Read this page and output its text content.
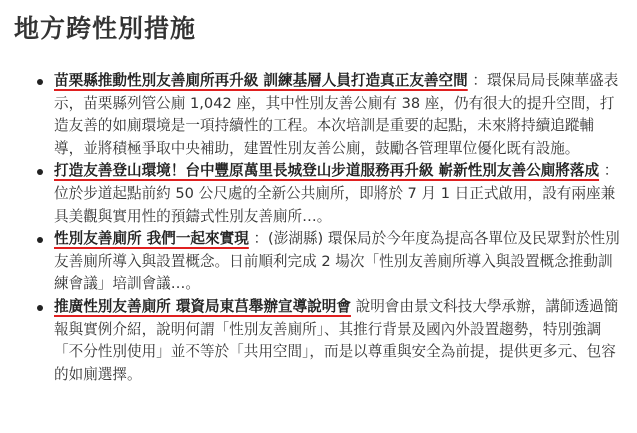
地方跨性別措施
苗栗縣推動性別友善廁所再升級 訓練基層人員打造真正友善空間 ：環保局局長陳華盛表示，苗栗縣列管公廁 1,042 座，其中性別友善公廁有 38 座，仍有很大的提升空間，打造友善的如廁環境是一項持續性的工程。本次培訓是重要的起點，未來將持續追蹤輔導，並將積極爭取中央補助，建置性別友善公廁，鼓勵各管理單位優化既有設施。
打造友善登山環境！台中豐原萬里長城登山步道服務再升級 嶄新性別友善公廁將落成 ：位於步道起點前約 50 公尺處的全新公共廁所，即將於 7 月 1 日正式啟用，設有兩座兼具美觀與實用性的預鑄式性別友善廁所…。
性別友善廁所 我們一起來實現 ：(澎湖縣) 環保局於今年度為提高各單位及民眾對於性別友善廁所導入與設置概念。日前順利完成 2 場次「性別友善廁所導入與設置概念推動訓練會議」培訓會議…。
推廣性別友善廁所 環資局東莒舉辦宣導說明會 說明會由景文科技大學承辦，講師透過簡報與實例介紹，說明何謂「性別友善廁所」、其推行背景及國內外設置趨勢，特別強調「不分性別使用」並不等於「共用空間」，而是以尊重與安全為前提，提供更多元、包容的如廁選擇。
